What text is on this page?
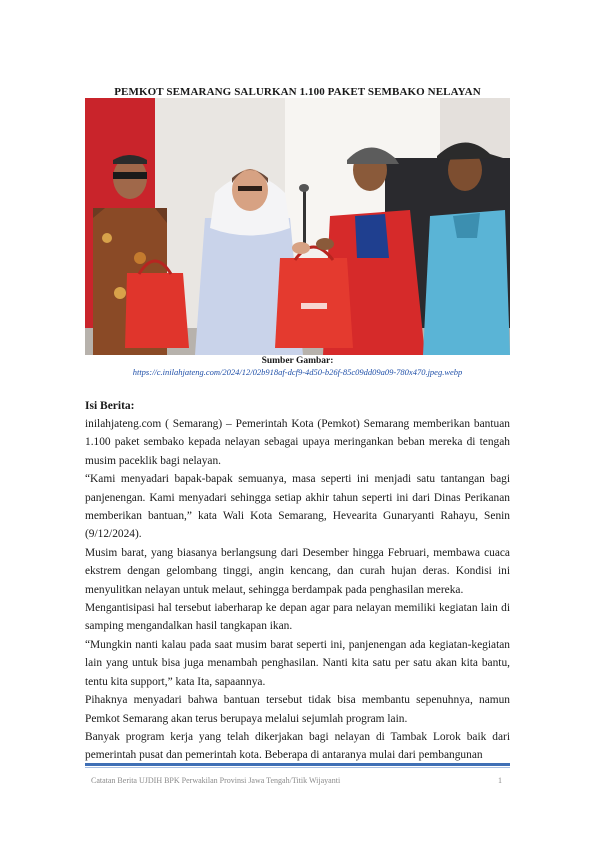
PEMKOT SEMARANG SALURKAN 1.100 PAKET SEMBAKO NELAYAN
Sumber Gambar:
https://c.inilahjateng.com/2024/12/02b918af-dcf9-4d50-b26f-85c09dd09a09-780x470.jpeg.webp
Isi Berita:

inilahjateng.com ( Semarang) – Pemerintah Kota (Pemkot) Semarang memberikan bantuan 1.100 paket sembako kepada nelayan sebagai upaya meringankan beban mereka di tengah musim paceklik bagi nelayan.

“Kami menyadari bapak-bapak semuanya, masa seperti ini menjadi satu tantangan bagi panjenengan. Kami menyadari sehingga setiap akhir tahun seperti ini dari Dinas Perikanan memberikan bantuan,” kata Wali Kota Semarang, Hevearita Gunaryanti Rahayu, Senin (9/12/2024).

Musim barat, yang biasanya berlangsung dari Desember hingga Februari, membawa cuaca ekstrem dengan gelombang tinggi, angin kencang, dan curah hujan deras. Kondisi ini menyulitkan nelayan untuk melaut, sehingga berdampak pada penghasilan mereka.

Mengantisipasi hal tersebut iaberharap ke depan agar para nelayan memiliki kegiatan lain di samping mengandalkan hasil tangkapan ikan.

“Mungkin nanti kalau pada saat musim barat seperti ini, panjenengan ada kegiatan-kegiatan lain yang untuk bisa juga menambah penghasilan. Nanti kita satu per satu akan kita bantu, tentu kita support,” kata Ita, sapaannya.

Pihaknya menyadari bahwa bantuan tersebut tidak bisa membantu sepenuhnya, namun Pemkot Semarang akan terus berupaya melalui sejumlah program lain.

Banyak program kerja yang telah dikerjakan bagi nelayan di Tambak Lorok baik dari pemerintah pusat dan pemerintah kota. Beberapa di antaranya mulai dari pembangunan

Catatan Berita UJDIH BPK Perwakilan Provinsi Jawa Tengah/Titik Wijayanti	1
